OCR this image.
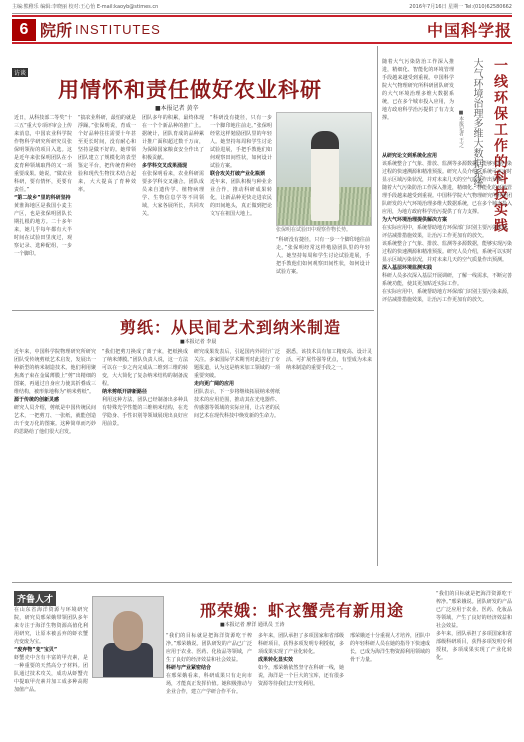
主编:熊稚乐 编辑:李晓丽 校对:王心怡 E-mail:kaoyb@stimes.cn	2016年7月16日 星期一 Tel:(010)62580662
6 院所 INSTITUTES	中国科学报
访谈
用情怀和责任做好农业科研
■本报记者 黄辛
近日，从科技部二等奖“十三五”重大专项评审会上传来消息，中国农业科学院作物科学研究所研究员张保明领衔的项目入选。这是近年来张保明团队在小麦育种领域取得的又一项重要成果。她说，“做农业科研，要有情怀，更要有责任。”
“第二故乡”里的科研坚持
黄淮海地区是我国小麦主产区，也是张保明团队长期扎根的地方。二十多年来，她几乎每年都有大半时间在试验田里度过，观察记录、选种配组，一步一个脚印。
“搞农业科研，最怕的就是浮躁。”张保明说，育成一个好品种往往需要十年甚至更长时间，没有耐心和坚持是做不好的。她带领团队建立了规模化的表型鉴定平台，把传统育种经验和现代生物技术结合起来，大大提高了育种效率。
团队多年的积累，最终体现在一个个新品种的推广上。据统计，团队育成的品种累计推广面积超过数千万亩，为保障国家粮食安全作出了积极贡献。
多学科交叉成果涌现
在张保明看来，农业科研需要多学科交叉融合。团队成员来自遗传学、植物病理学、生物信息学等不同领域，大家各展所长，共同攻关。
“科研没有捷径，只有一步一个脚印地往前走。”张保明经常这样勉励团队里的年轻人。她坚持每周和学生讨论试验进展，手把手教他们如何观察田间性状，如何设计试验方案。
联合攻关打破产业化瓶颈
近年来，团队积极与种业企业合作，推动科研成果转化，让新品种更快走进农民的田间地头，真正做到把论文写在祖国大地上。
张保明在试验田中观察作物长势。
“科研没有捷径，只有一步一个脚印地往前走。”张保明经常这样勉励团队里的年轻人。她坚持每周和学生讨论试验进展，手把手教他们如何观察田间性状，如何设计试验方案。
一线环保工作的科技实践
大气环境治理多维大数据系统
■本报记者 王之
随着大气污染防治工作深入推进，精细化、智能化的环境管理手段越来越受到重视。中国科学院大气物理研究所科研团队研发的大气环境治理多维大数据系统，已在多个城市投入应用，为地方政府科学治污提供了有力支撑。
从研究论文到系统化应用
该系统整合了气象、排放、监测等多源数据，能够实现污染过程的快速溯源和精准预报。研究人员介绍，系统可以实时显示区域污染状况，并对未来几天的空气质量作出预测。
随着大气污染防治工作深入推进，精细化、智能化的环境管理手段越来越受到重视。中国科学院大气物理研究所科研团队研发的大气环境治理多维大数据系统，已在多个城市投入应用，为地方政府科学治污提供了有力支撑。
为大气环境治理提供解决方案
在实际应用中，系统帮助地方环保部门识别主要污染来源，评估减排措施效果，让治污工作更加有的放矢。
该系统整合了气象、排放、监测等多源数据，能够实现污染过程的快速溯源和精准预报。研究人员介绍，系统可以实时显示区域污染状况，并对未来几天的空气质量作出预测。
深入基层环境监测实践
科研人员多次深入基层开展调研，了解一线需求，不断完善系统功能，使其更加贴近实际工作。
在实际应用中，系统帮助地方环保部门识别主要污染来源，评估减排措施效果，让治污工作更加有的放矢。
剪纸：从民间艺术到纳米制造
■本报记者 李晨
近年来，中国科学院物理研究所研究团队受传统剪纸艺术启发，发展出一种新型的纳米制造技术。他们利用聚焦离子束在金属薄膜上“剪”出精细的图案，再通过自身应力使其折叠成三维结构，被形象地称为“纳米剪纸”。
源于传统的创新灵感
研究人员介绍，剪纸是中国传统民间艺术，一把剪刀、一张纸，就能创造出千变万化的图案。这种简单而巧妙的思路给了他们很大启发。
“我们把剪刀换成了离子束，把纸换成了纳米薄膜。”团队负责人说，这一方法可以在一步之内完成从二维到三维的转变，大大简化了复杂纳米结构的制备流程。
纳米剪纸开辟新路径
利用这种方法，团队已经制备出多种具有特殊光学性能的三维纳米结构，在光学隐身、手性识别等领域展现出良好应用前景。
研究成果发表后，引起国内外同行广泛关注。多家国际学术期刊对此进行了专题报道，认为这是纳米加工领域的一项重要突破。
走向更广阔的应用
团队表示，下一步将继续拓展纳米剪纸技术的应用范围，推动其在光电器件、传感器等领域的实际应用，让古老的民间艺术在现代科技中焕发新的生命力。
据悉，该技术具有加工精度高、设计灵活、可扩展性强等优点，有望成为未来纳米制造的重要手段之一。
齐鲁人才
邢荣娥：虾衣蟹壳有新用途
■本报记者 廖洋 通讯员 王涛
在山东省海洋资源与环境研究院，研究员邢荣娥带领团队多年来专注于海洋生物资源高值化利用研究，让原本被丢弃的虾衣蟹壳变废为宝。
“废弃物”变“宝贝”
虾蟹壳中含有丰富的甲壳素，是一种重要的天然高分子材料。团队通过技术攻关，成功从虾蟹壳中提取甲壳素并加工成多种高附加值产品。
“我们的目标就是把海洋资源吃干榨净。”邢荣娥说。团队研发的产品已广泛应用于农业、医药、化妆品等领域，产生了良好的经济效益和社会效益。
科研与产业紧密结合
在邢荣娥看来，科研成果只有走向市场，才能真正发挥价值。她积极推动与企业合作，建立产学研合作平台。
多年来，团队承担了多项国家和省部级科研项目，获得多项发明专利授权，多项成果实现了产业化转化。
成果转化显实效
如今，邢荣娥依然坚守在科研一线，她说，海洋是一个巨大的宝库，还有很多资源等待我们去开发利用。
邢荣娥还十分重视人才培养，团队中的年轻科研人员在她的指导下快速成长，已成为海洋生物资源利用领域的骨干力量。
“我们的目标就是把海洋资源吃干榨净。”邢荣娥说。团队研发的产品已广泛应用于农业、医药、化妆品等领域，产生了良好的经济效益和社会效益。
多年来，团队承担了多项国家和省部级科研项目，获得多项发明专利授权，多项成果实现了产业化转化。
